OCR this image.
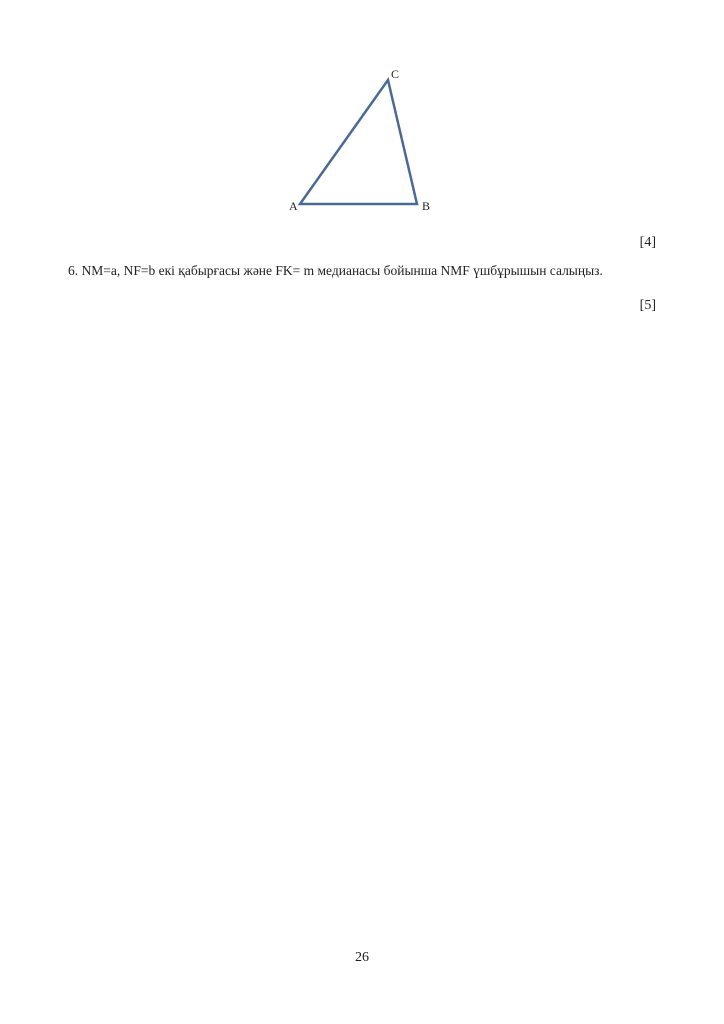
A	B
C
[4]
6. NM=a, NF=b екі қабырғасы және FK= m медианасы бойынша NMF үшбұрышын салыңыз.
[5]
26
